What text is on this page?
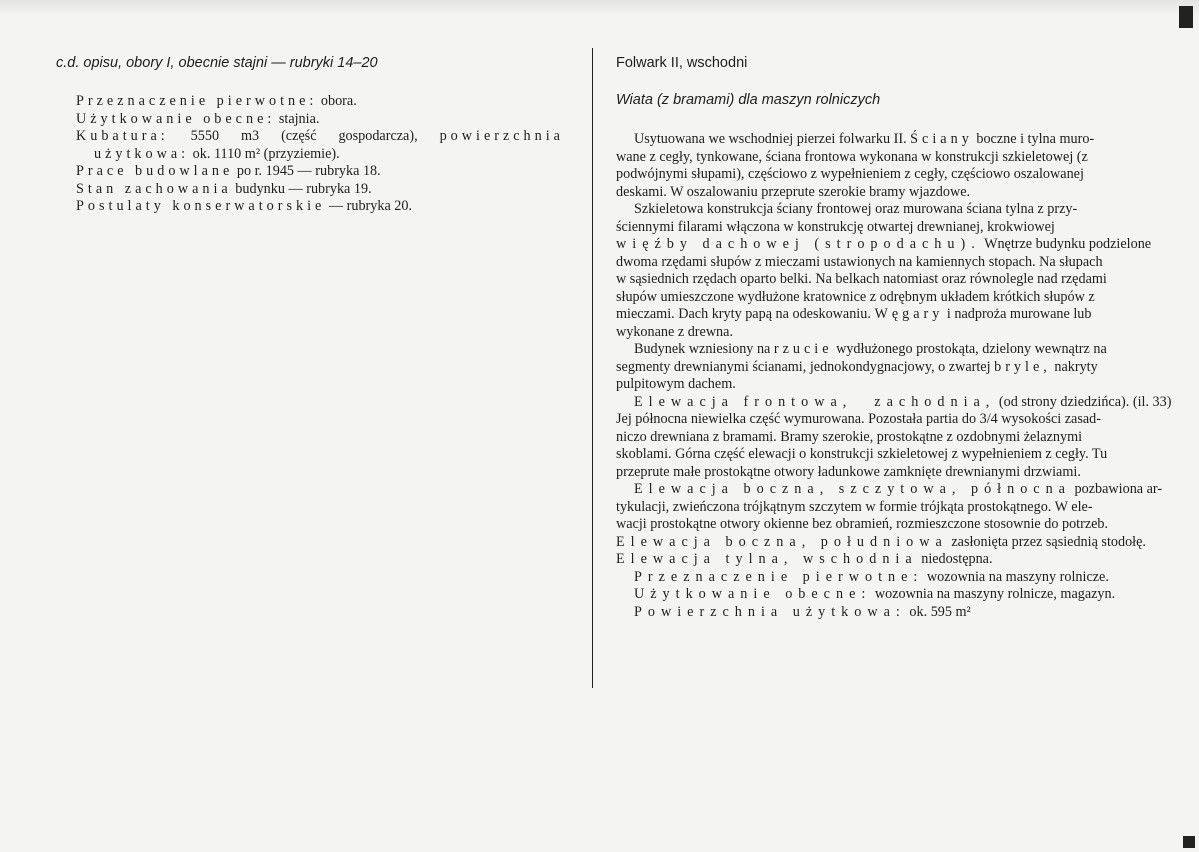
c.d. opisu, obory I, obecnie stajni — rubryki 14–20
Przeznaczenie pierwotne: obora.
Użytkowanie obecne: stajnia.
Kubatura: 5550 m3 (część gospodarcza), powierzchnia
użytkowa: ok. 1110 m² (przyziemie).
Prace budowlane po r. 1945 — rubryka 18.
Stan zachowania budynku — rubryka 19.
Postulaty konserwatorskie — rubryka 20.
Folwark II, wschodni
Wiata (z bramami) dla maszyn rolniczych
Usytuowana we wschodniej pierzei folwarku II. Ściany boczne i tylna muro-
wane z cegły, tynkowane, ściana frontowa wykonana w konstrukcji szkieletowej (z
podwójnymi słupami), częściowo z wypełnieniem z cegły, częściowo oszalowanej
deskami. W oszalowaniu przeprute szerokie bramy wjazdowe.
Szkieletowa konstrukcja ściany frontowej oraz murowana ściana tylna z przy-
ściennymi filarami włączona w konstrukcję otwartej drewnianej, krokwiowej
więźby dachowej (stropodachu). Wnętrze budynku podzielone
dwoma rzędami słupów z mieczami ustawionych na kamiennych stopach. Na słupach
w sąsiednich rzędach oparto belki. Na belkach natomiast oraz równolegle nad rzędami
słupów umieszczone wydłużone kratownice z odrębnym układem krótkich słupów z
mieczami. Dach kryty papą na odeskowaniu. Węgary i nadproża murowane lub
wykonane z drewna.
Budynek wzniesiony na rzucie wydłużonego prostokąta, dzielony wewnątrz na
segmenty drewnianymi ścianami, jednokondygnacjowy, o zwartej bryle, nakryty
pulpitowym dachem.
Elewacja frontowa, zachodnia, (od strony dziedzińca). (il. 33)
Jej północna niewielka część wymurowana. Pozostała partia do 3/4 wysokości zasad-
niczo drewniana z bramami. Bramy szerokie, prostokątne z ozdobnymi żelaznymi
skoblami. Górna część elewacji o konstrukcji szkieletowej z wypełnieniem z cegły. Tu
przeprute małe prostokątne otwory ładunkowe zamknięte drewnianymi drzwiami.
Elewacja boczna, szczytowa, północna pozbawiona ar-
tykulacji, zwieńczona trójkątnym szczytem w formie trójkąta prostokątnego. W ele-
wacji prostokątne otwory okienne bez obramień, rozmieszczone stosownie do potrzeb.
Elewacja boczna, południowa zasłonięta przez sąsiednią stodołę.
Elewacja tylna, wschodnia niedostępna.
Przeznaczenie pierwotne: wozownia na maszyny rolnicze.
Użytkowanie obecne: wozownia na maszyny rolnicze, magazyn.
Powierzchnia użytkowa: ok. 595 m²
